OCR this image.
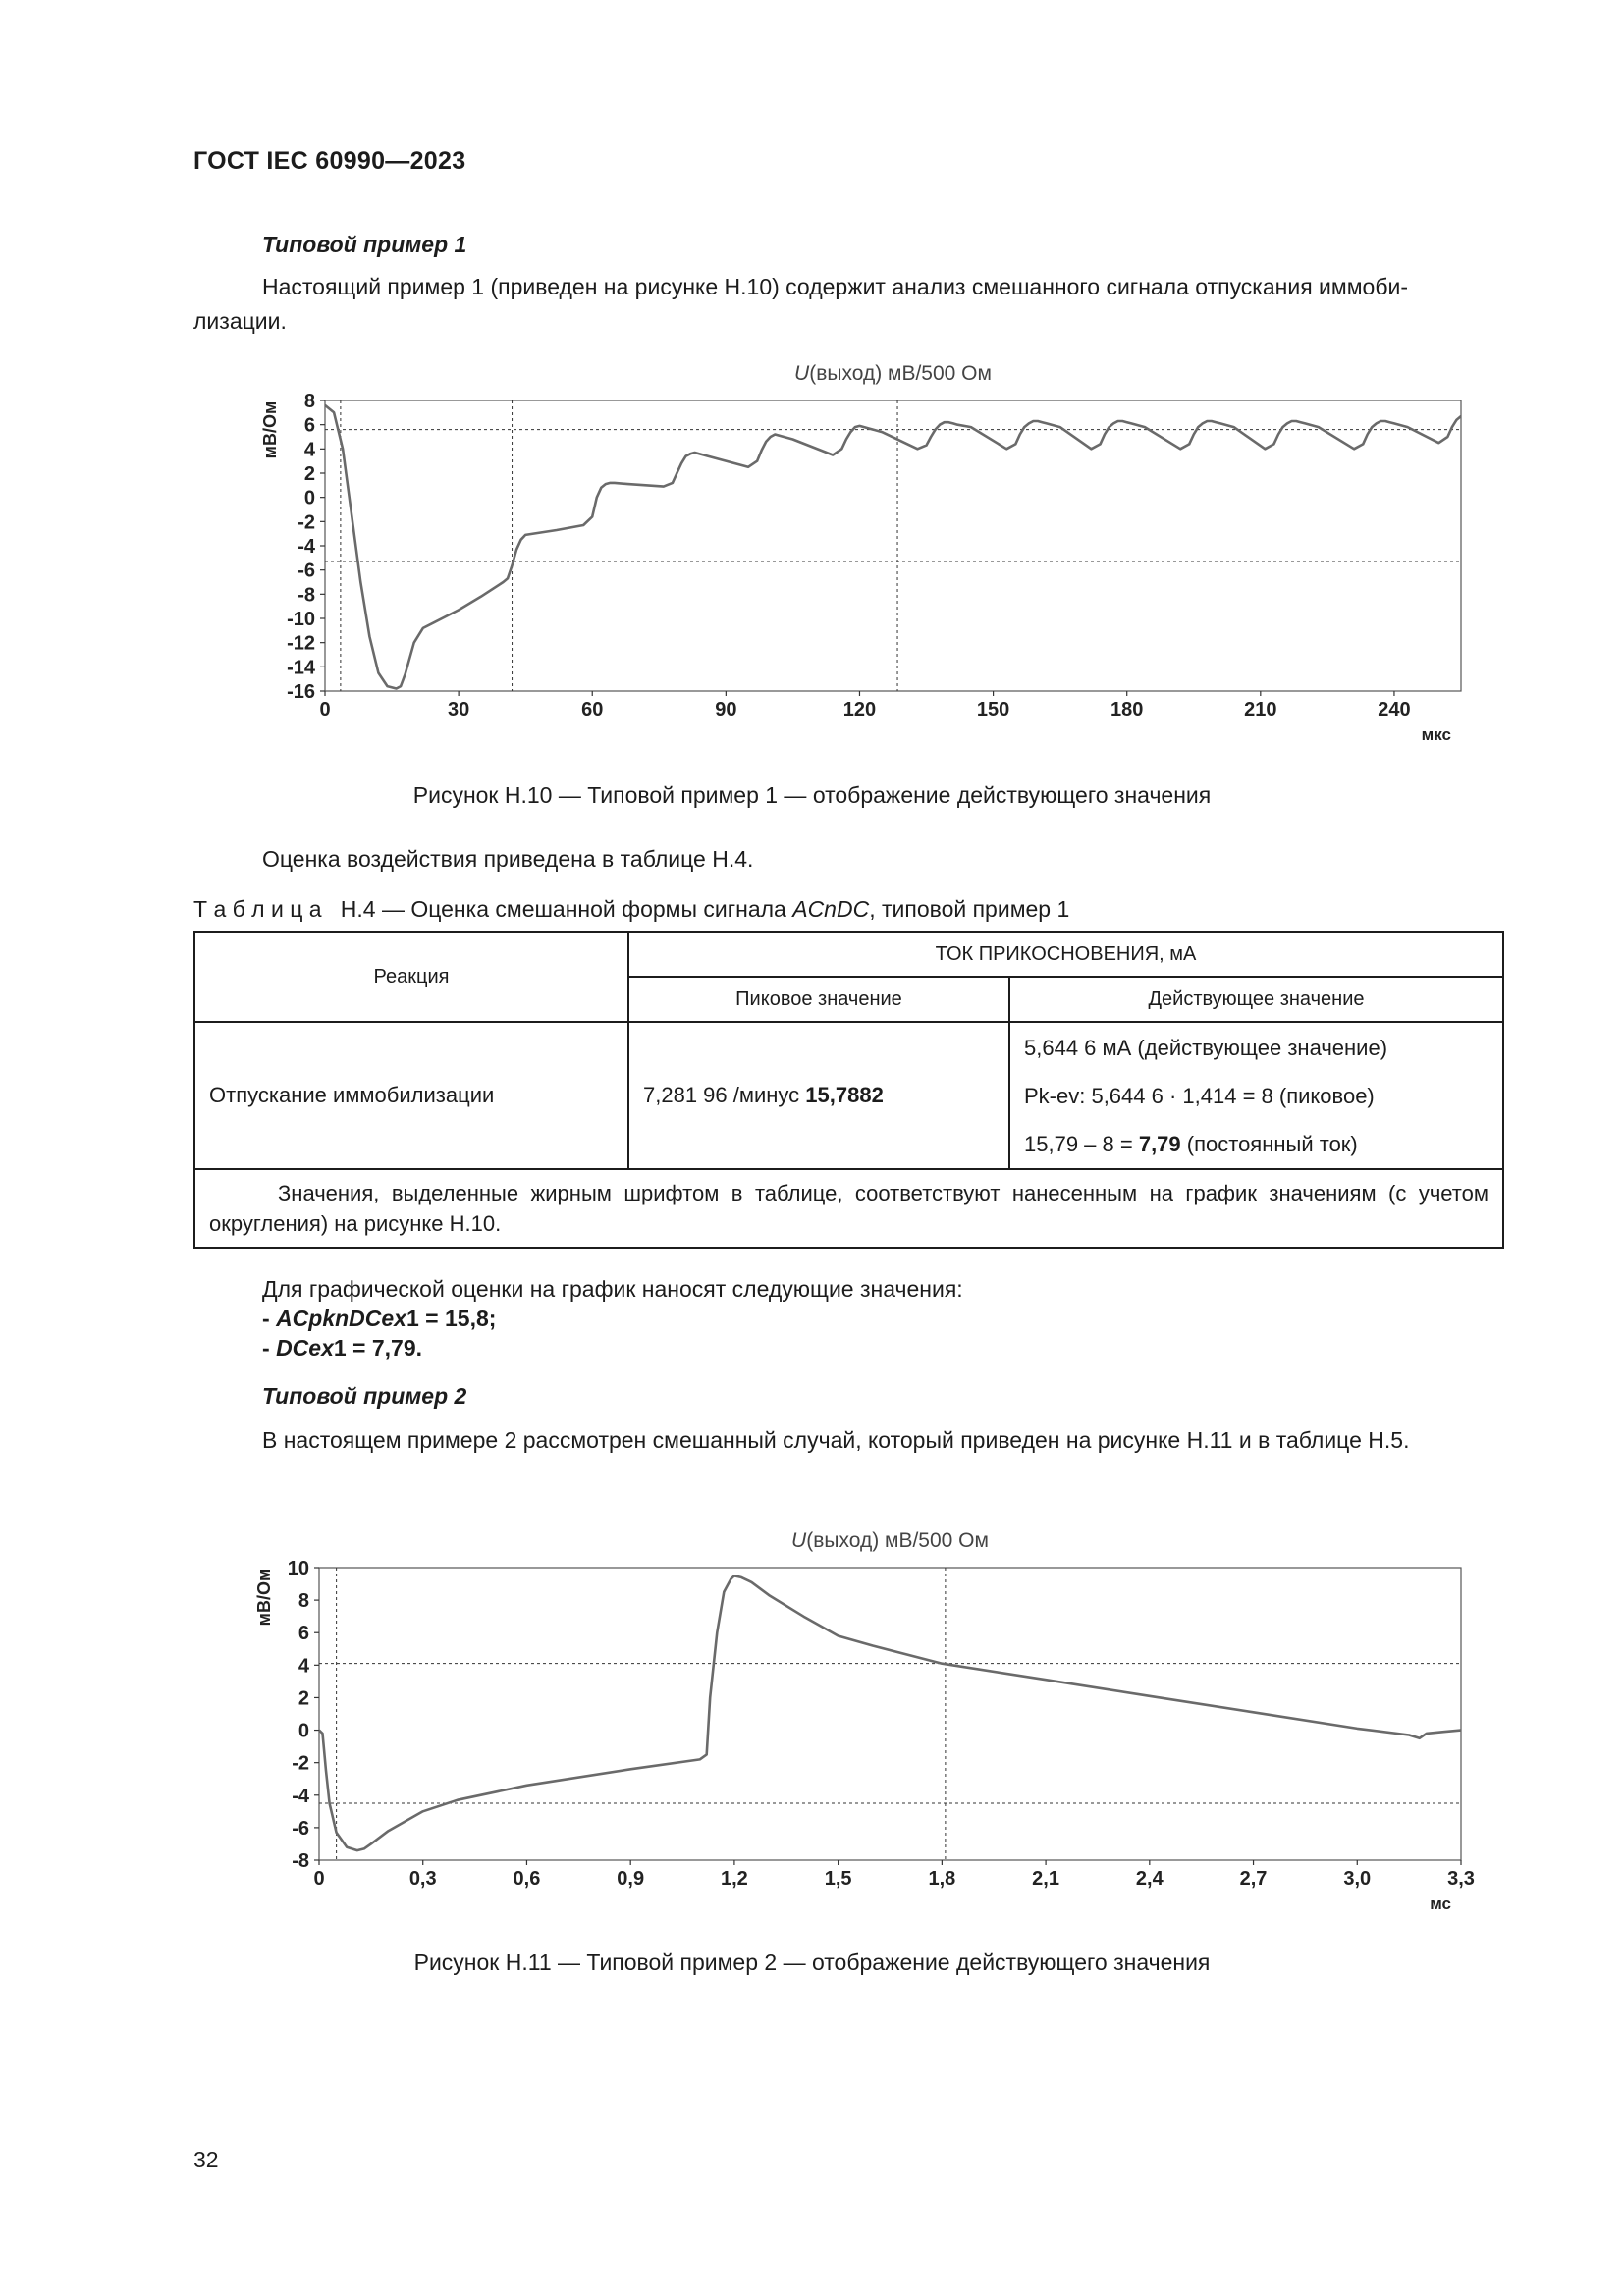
ГОСТ IEC 60990—2023
Типовой пример 1
Настоящий пример 1 (приведен на рисунке Н.10) содержит анализ смешанного сигнала отпускания иммоби-
лизации.
U(выход) мВ/500 Ом
8
6
4
2
0
-2
-4
-6
-8
-10
-12
-14
-16
0	30	60	90	120	150	180	210	240
мкс
мВ/Ом
Рисунок Н.10 — Типовой пример 1 — отображение действующего значения
Оценка воздействия приведена в таблице Н.4.
Т а б л и ц а   Н.4 — Оценка смешанной формы сигнала ACnDC, типовой пример 1
Реакция	ТОК ПРИКОСНОВЕНИЯ, мА	
	Пиковое значение	Действующее значение
Отпускание иммобилизации	7,281 96 /минус 15,7882	5,644 6 мА (действующее значение)
Pk-ev: 5,644 6 · 1,414 = 8 (пиковое)
15,79 – 8 = 7,79 (постоянный ток)

Значения, выделенные жирным шрифтом в таблице, соответствуют нанесенным на график значениям (с учетом округления) на рисунке Н.10.		
Для графической оценки на график наносят следующие значения:
- ACpknDCex1 = 15,8;
- DCex1 = 7,79.
Типовой пример 2
В настоящем примере 2 рассмотрен смешанный случай, который приведен на рисунке Н.11 и в таблице Н.5.
U(выход) мВ/500 Ом
10
8
6
4
2
0
-2
-4
-6
-8
0	0,3	0,6	0,9	1,2	1,5	1,8	2,1	2,4	2,7	3,0	3,3
мс
мВ/Ом
Рисунок Н.11 — Типовой пример 2 — отображение действующего значения
32
